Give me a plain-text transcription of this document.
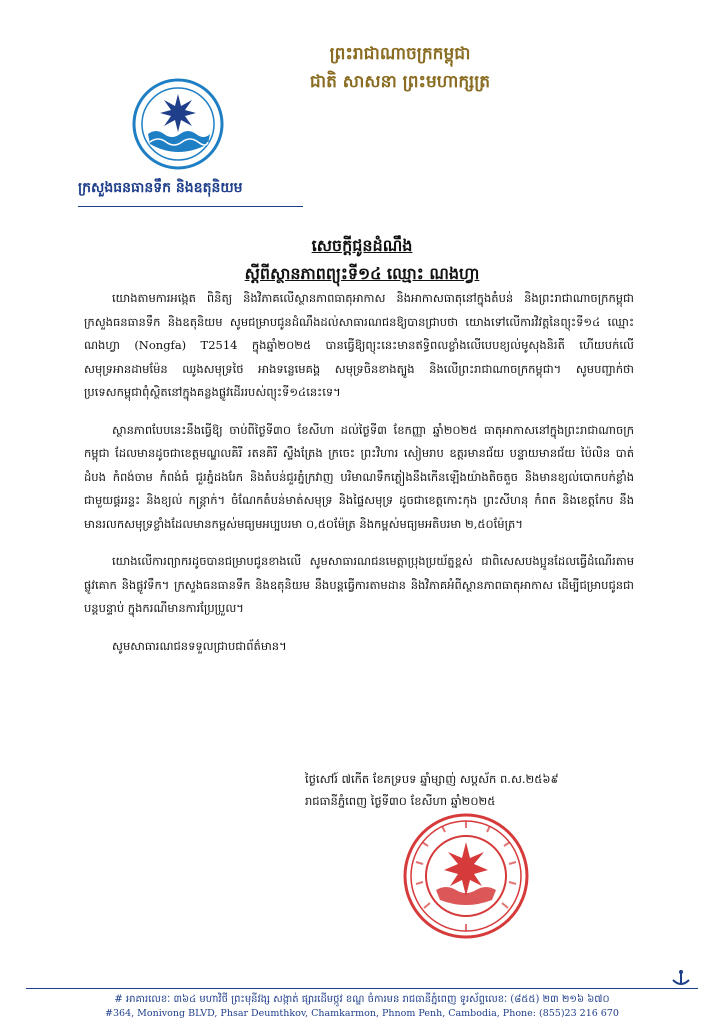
ព្រះរាជាណាចក្រកម្ពុជា
ជាតិ សាសនា ព្រះមហាក្សត្រ
ក្រសួងធនធានទឹក និងឧតុនិយម
សេចក្តីជូនដំណឹង
ស្តីពីស្ថានភាពព្យុះទី១៤ ឈ្មោះ ណងហ្វា

យោងតាមការអង្កេត ពិនិត្យ និងវិភាគលើស្ថានភាពធាតុអាកាស និងអាកាសធាតុនៅក្នុងតំបន់ និងព្រះរាជាណាចក្រកម្ពុជា ក្រសួងធនធានទឹក និងឧតុនិយម សូមជម្រាបជូនដំណឹងដល់សាធារណជនឱ្យបានជ្រាបថា យោងទៅលើការវិវត្តនៃព្យុះទី១៤ ឈ្មោះ ណងហ្វា (Nongfa) T2514 ក្នុងឆ្នាំ២០២៥ បានធ្វើឱ្យព្យុះនេះមានឥទ្ធិពលខ្លាំងលើបេបខ្យល់មូសុងនិរតី ហើយបក់លើសមុទ្រអានដាមម៉ែន ឈូងសមុទ្រថៃ អាងទន្លេមេគង្គ សមុទ្រចិនខាងត្បូង និងលើព្រះរាជាណាចក្រកម្ពុជា។ សូមបញ្ជាក់ថា ប្រទេសកម្ពុជាពុំស្ថិតនៅក្នុងគន្លងផ្លូវដើររបស់ព្យុះទី១៤នេះទេ។

ស្ថានភាពបែបនេះនឹងធ្វើឱ្យ ចាប់ពីថ្ងៃទី៣០ ខែសីហា ដល់ថ្ងៃទី៣ ខែកញ្ញា ឆ្នាំ២០២៥ ធាតុអាកាសនៅក្នុងព្រះរាជាណាចក្រកម្ពុជា ដែលមានដូចជាខេត្តមណ្ឌលគិរី រតនគិរី ស្ទឹងត្រែង ក្រចេះ ព្រះវិហារ សៀមរាប ឧត្តរមានជ័យ បន្ទាយមានជ័យ ប៉ៃលិន បាត់ដំបង កំពង់ចាម កំពង់ធំ ជួរភ្នំដងរែក និងតំបន់ជួរភ្នំក្រវាញ បរិមាណទឹកភ្លៀងនឹងកើនឡើងយ៉ាងតិចតួច និងមានខ្យល់បោកបក់ខ្លាំងជាមួយផ្គររន្ទះ និងខ្យល់ កន្រ្តាក់។ ចំណែកតំបន់មាត់សមុទ្រ និងផ្ទៃសមុទ្រ ដូចជាខេត្តកោះកុង ព្រះសីហនុ កំពត និងខេត្តកែប នឹងមានរលកសមុទ្រខ្លាំងដែលមានកម្ពស់មធ្យមអប្បបរមា ០,៥០ម៉ែត្រ និងកម្ពស់មធ្យមអតិបរមា ២,៥០ម៉ែត្រ។

យោងលើការព្យាករដូចបានជម្រាបជូនខាងលើ សូមសាធារណជនមេត្តាប្រុងប្រយ័ត្នខ្ពស់ ជាពិសេសបងប្អូនដែលធ្វើដំណើរតាមផ្លូវគោក និងផ្លូវទឹក។ ក្រសួងធនធានទឹក និងឧតុនិយម នឹងបន្តធ្វើការតាមដាន និងវិភាគអំពីស្ថានភាពធាតុអាកាស ដើម្បីជម្រាបជូនជាបន្តបន្ទាប់ ក្នុងករណីមានការប្រែប្រួល។

សូមសាធារណជនទទួលជ្រាបជាព័ត៌មាន។

ថ្ងៃសៅរ៍ ៧កើត ខែភទ្របទ ឆ្នាំម្សាញ់ សប្តស័ក ព.ស.២៥៦៩
រាជធានីភ្នំពេញ ថ្ងៃទី៣០ ខែសីហា ឆ្នាំ២០២៥
# អាគារលេខៈ ៣៦៤ មហាវិថី ព្រះមុនីវង្ស សង្កាត់ ផ្សារដើមថ្កូវ ខណ្ឌ ចំការមន រាជធានីភ្នំពេញ ទូរស័ព្ទលេខៈ (៨៥៥) ២៣ ២១៦ ៦៧០
#364, Monivong BLVD, Phsar Deumthkov, Chamkarmon, Phnom Penh, Cambodia, Phone: (855)23 216 670
